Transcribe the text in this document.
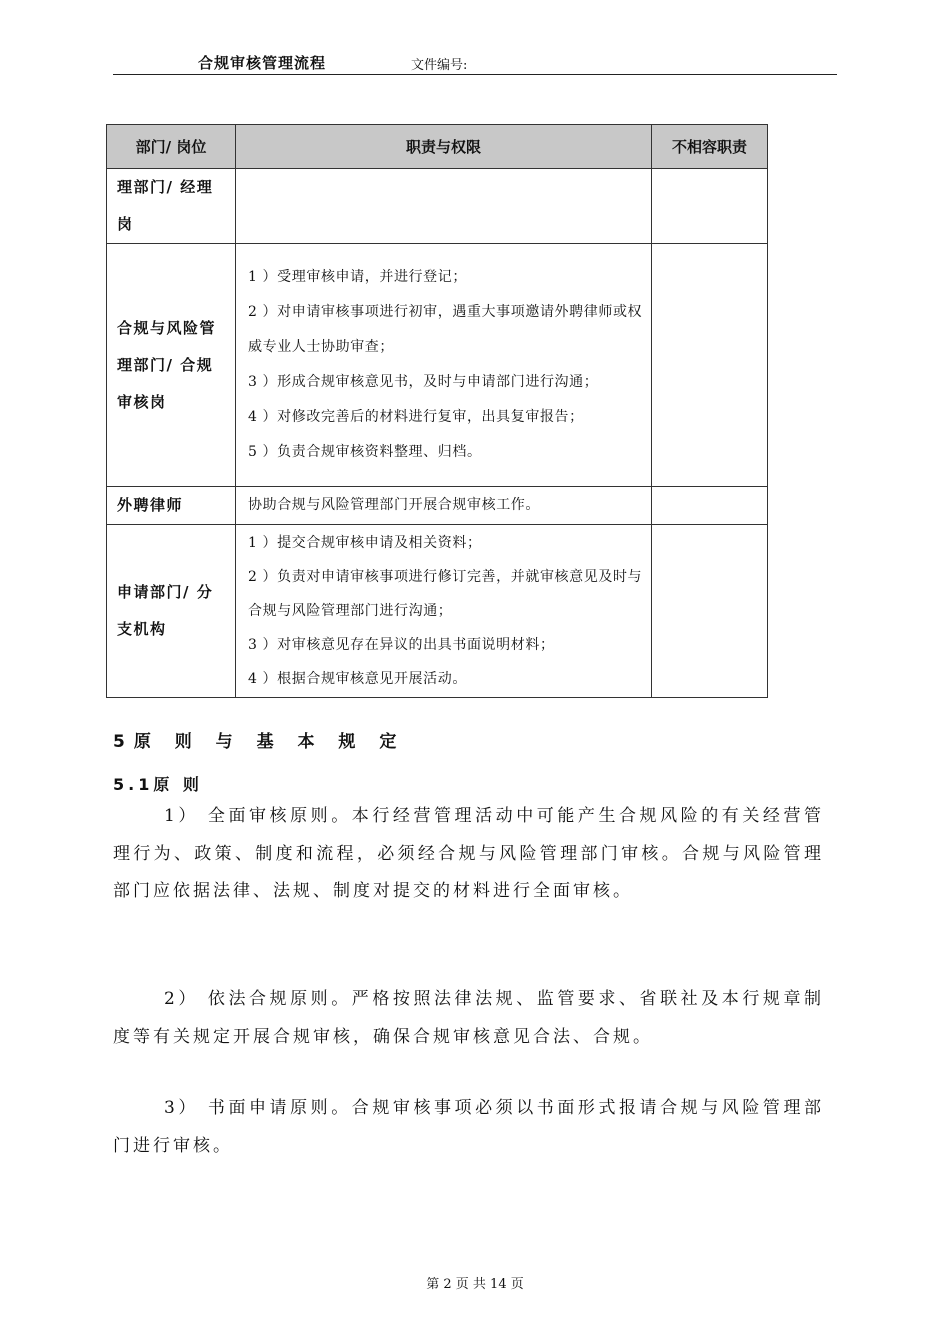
合规审核管理流程	文件编号:
部门/ 岗位	职责与权限	不相容职责
理部门/ 经理岗		
合规与风险管理部门/ 合规审核岗	1 ）受理审核申请，并进行登记；
2 ）对申请审核事项进行初审，遇重大事项邀请外聘律师或权威专业人士协助审查；
3 ）形成合规审核意见书，及时与申请部门进行沟通；
4 ）对修改完善后的材料进行复审，出具复审报告；
5 ）负责合规审核资料整理、归档。	

外聘律师	协助合规与风险管理部门开展合规审核工作。	

申请部门/ 分支机构	1 ）提交合规审核申请及相关资料；
2 ）负责对申请审核事项进行修订完善，并就审核意见及时与合规与风险管理部门进行沟通；
3 ）对审核意见存在异议的出具书面说明材料；
4 ）根据合规审核意见开展活动。	

5原 则 与 基 本 规 定
5.1原 则
1） 全面审核原则。本行经营管理活动中可能产生合规风险的有关经营管理行为、政策、制度和流程，必须经合规与风险管理部门审核。合规与风险管理部门应依据法律、法规、制度对提交的材料进行全面审核。
2） 依法合规原则。严格按照法律法规、监管要求、省联社及本行规章制度等有关规定开展合规审核，确保合规审核意见合法、合规。
3） 书面申请原则。合规审核事项必须以书面形式报请合规与风险管理部门进行审核。
第 2 页 共 14 页
